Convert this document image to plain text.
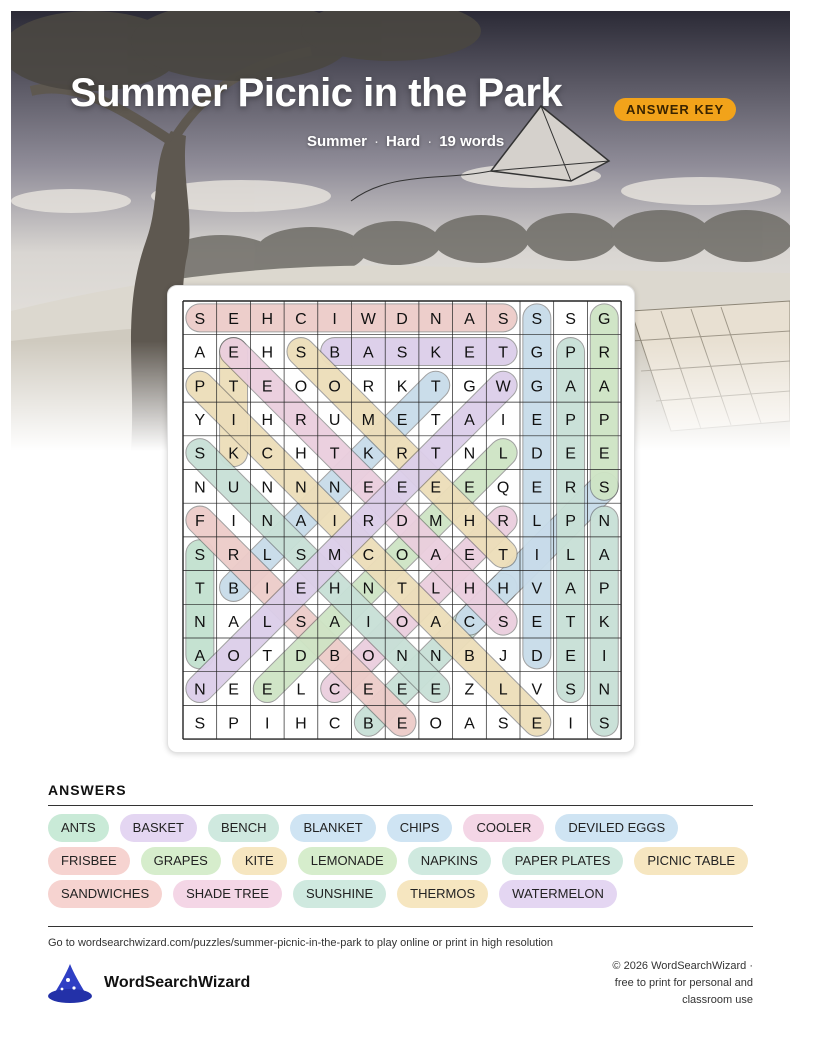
Summer Picnic in the Park	ANSWER KEY
Summer · Hard · 19 words
S E H C I W D N A S S S G
A E H S B A S K E T G P R
P T E O O R K T G W G A A
Y I H R U M E T A I E P P
S K C H T K R T N L D E E
N U N N N E E E E Q E R S
F I N A I R D M H R L P N
S R L S M C O A E T I L A
T B I E H N T L H H V A P
N A L S A I O A C S E T K
A O T D B O N N B J D E I
N E E L C E E E Z L V S N
S P I H C B E O A S E I S
ANSWERS
ANTS	BASKET	BENCH	BLANKET	CHIPS	COOLER	DEVILED EGGS
FRISBEE	GRAPES	KITE	LEMONADE	NAPKINS	PAPER PLATES	PICNIC TABLE
SANDWICHES	SHADE TREE	SUNSHINE	THERMOS	WATERMELON
Go to wordsearchwizard.com/puzzles/summer-picnic-in-the-park to play online or print in high resolution
WordSearchWizard
© 2026 WordSearchWizard ·
free to print for personal and
classroom use
